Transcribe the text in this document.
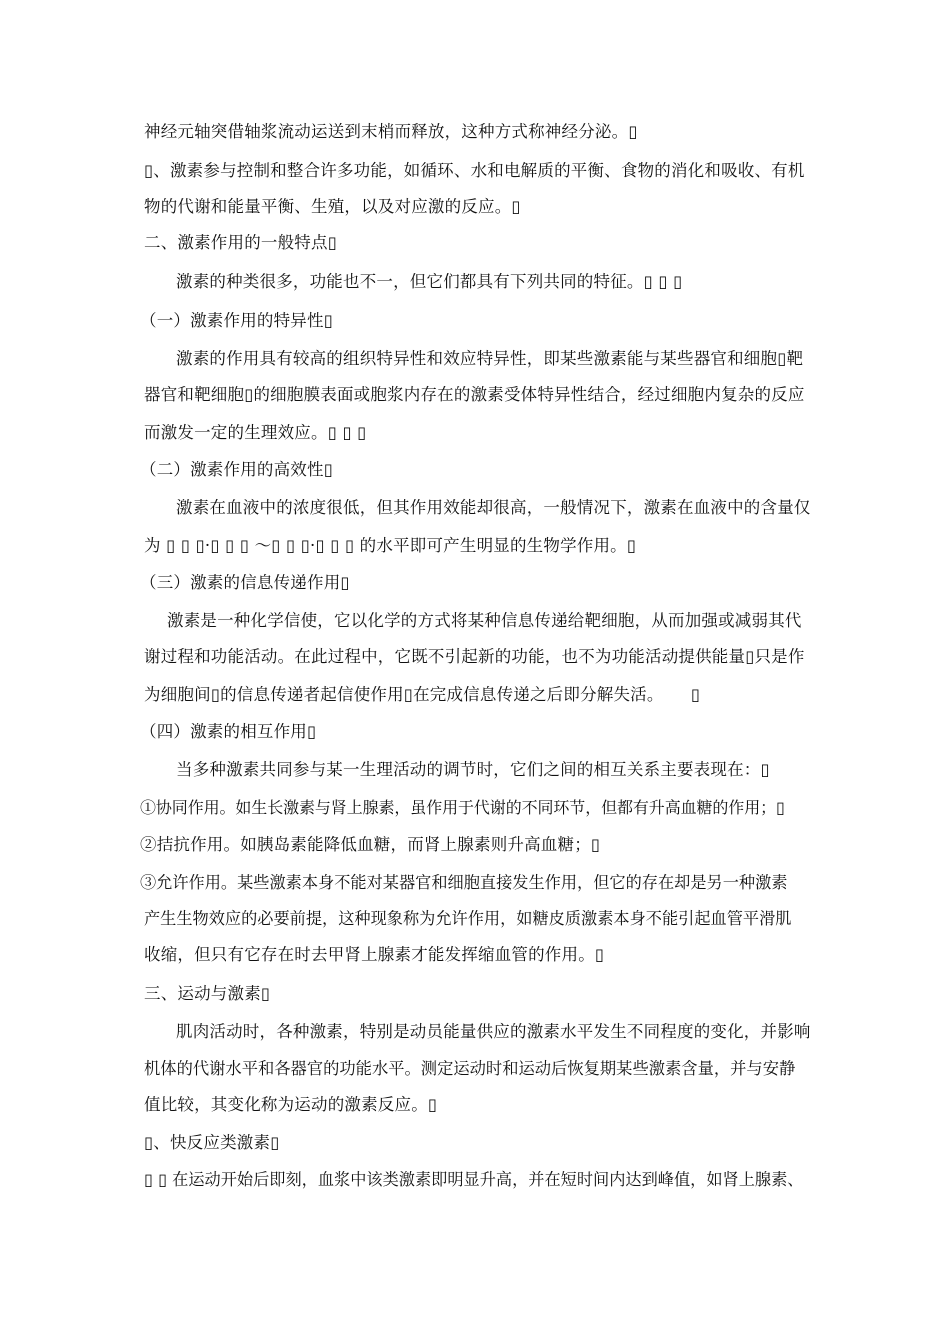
神经元轴突借轴浆流动运送到末梢而释放，这种方式称神经分泌。▯
▯、激素参与控制和整合许多功能，如循环、水和电解质的平衡、食物的消化和吸收、有机
物的代谢和能量平衡、生殖，以及对应激的反应。▯
二、激素作用的一般特点▯
激素的种类很多，功能也不一，但它们都具有下列共同的特征。▯ ▯ ▯
（一）激素作用的特异性▯
激素的作用具有较高的组织特异性和效应特异性，即某些激素能与某些器官和细胞▯靶
器官和靶细胞▯的细胞膜表面或胞浆内存在的激素受体特异性结合，经过细胞内复杂的反应
而激发一定的生理效应。▯ ▯ ▯
（二）激素作用的高效性▯
激素在血液中的浓度很低，但其作用效能却很高，一般情况下，激素在血液中的含量仅
为 ▯ ▯ ▯·▯ ▯ ▯ ～▯ ▯ ▯·▯ ▯ ▯ 的水平即可产生明显的生物学作用。▯
（三）激素的信息传递作用▯
激素是一种化学信使，它以化学的方式将某种信息传递给靶细胞，从而加强或减弱其代
谢过程和功能活动。在此过程中，它既不引起新的功能，也不为功能活动提供能量▯只是作
为细胞间▯的信息传递者起信使作用▯在完成信息传递之后即分解失活。 ▯
（四）激素的相互作用▯
当多种激素共同参与某一生理活动的调节时，它们之间的相互关系主要表现在：▯
①协同作用。如生长激素与肾上腺素，虽作用于代谢的不同环节，但都有升高血糖的作用；▯
②拮抗作用。如胰岛素能降低血糖，而肾上腺素则升高血糖；▯
③允许作用。某些激素本身不能对某器官和细胞直接发生作用，但它的存在却是另一种激素
产生生物效应的必要前提，这种现象称为允许作用，如糖皮质激素本身不能引起血管平滑肌
收缩，但只有它存在时去甲肾上腺素才能发挥缩血管的作用。▯
三、运动与激素▯
肌肉活动时，各种激素，特别是动员能量供应的激素水平发生不同程度的变化，并影响
机体的代谢水平和各器官的功能水平。测定运动时和运动后恢复期某些激素含量，并与安静
值比较，其变化称为运动的激素反应。▯
▯、快反应类激素▯
▯ ▯ 在运动开始后即刻，血浆中该类激素即明显升高，并在短时间内达到峰值，如肾上腺素、
